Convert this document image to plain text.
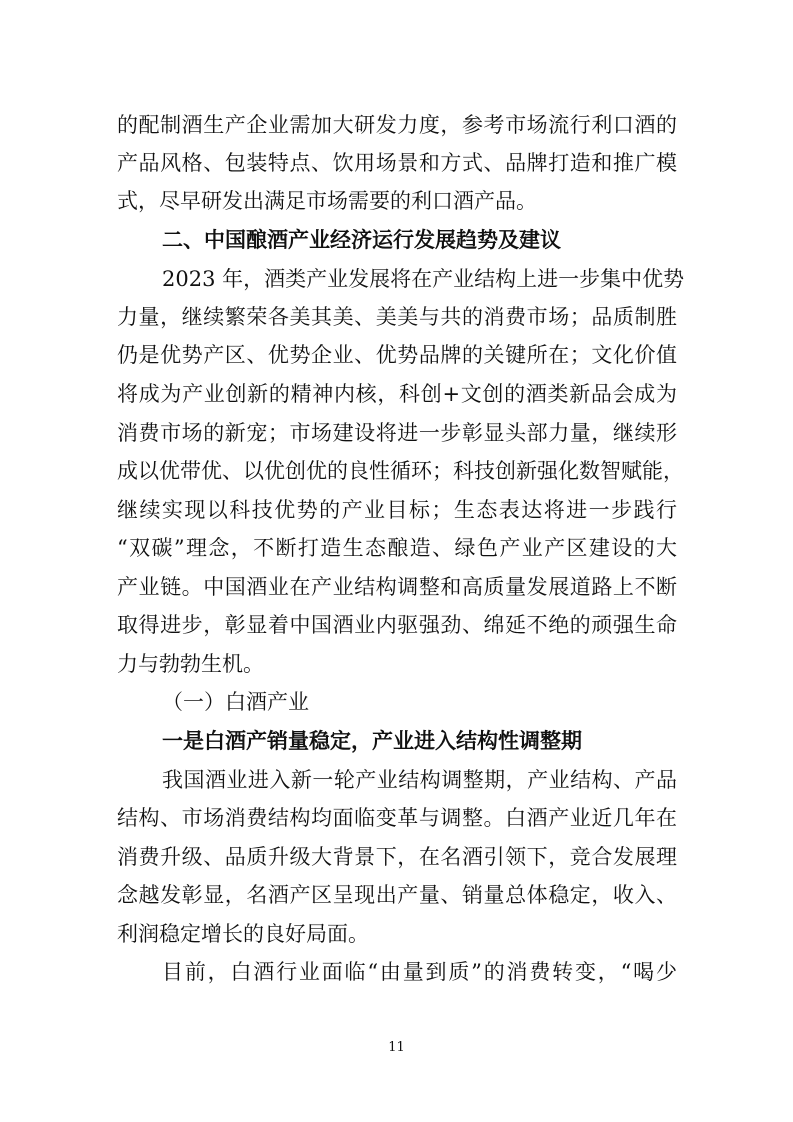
的配制酒生产企业需加大研发力度，参考市场流行利口酒的
产品风格、包装特点、饮用场景和方式、品牌打造和推广模
式，尽早研发出满足市场需要的利口酒产品。
二、中国酿酒产业经济运行发展趋势及建议
2023 年，酒类产业发展将在产业结构上进一步集中优势
力量，继续繁荣各美其美、美美与共的消费市场；品质制胜
仍是优势产区、优势企业、优势品牌的关键所在；文化价值
将成为产业创新的精神内核，科创+文创的酒类新品会成为
消费市场的新宠；市场建设将进一步彰显头部力量，继续形
成以优带优、以优创优的良性循环；科技创新强化数智赋能，
继续实现以科技优势的产业目标；生态表达将进一步践行
“双碳”理念，不断打造生态酿造、绿色产业产区建设的大
产业链。中国酒业在产业结构调整和高质量发展道路上不断
取得进步，彰显着中国酒业内驱强劲、绵延不绝的顽强生命
力与勃勃生机。
（一）白酒产业
一是白酒产销量稳定，产业进入结构性调整期
我国酒业进入新一轮产业结构调整期，产业结构、产品
结构、市场消费结构均面临变革与调整。白酒产业近几年在
消费升级、品质升级大背景下，在名酒引领下，竞合发展理
念越发彰显，名酒产区呈现出产量、销量总体稳定，收入、
利润稳定增长的良好局面。
目前，白酒行业面临“由量到质”的消费转变，“喝少
11
